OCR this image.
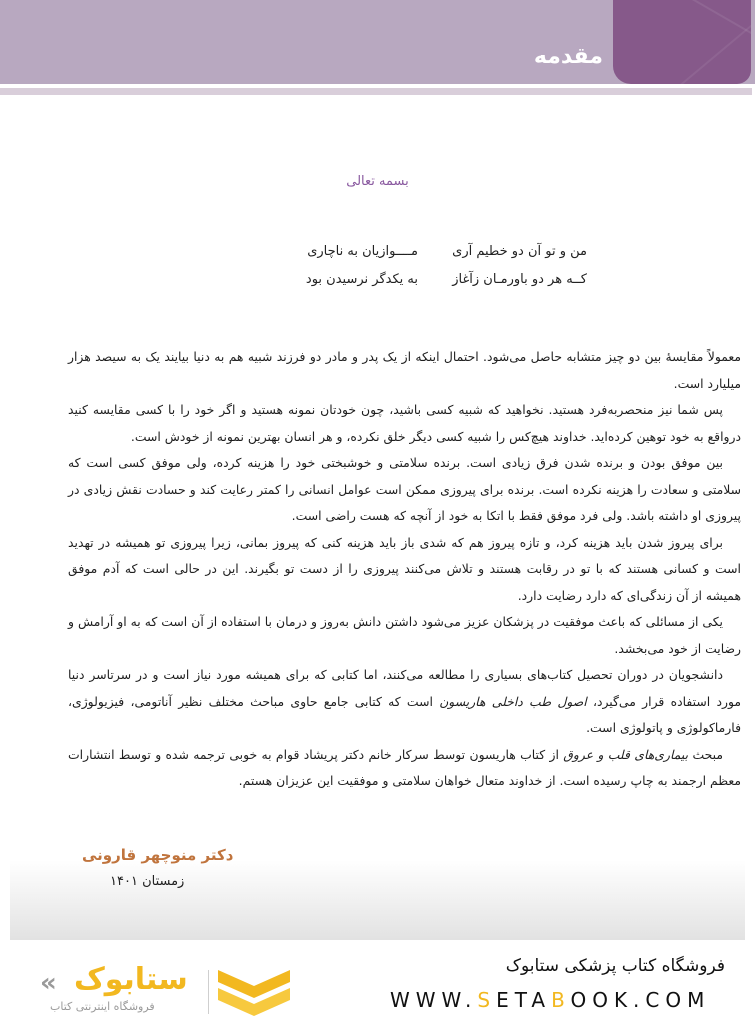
مقدمه
بسمه تعالی
من و تو آن دو خطیم آری
کــه هر دو باورمـان زآغاز
مــــوازیان به ناچاری
به یکدگر نرسیدن بود

معمولاً مقایسهٔ بین دو چیز متشابه حاصل می‌شود. احتمال اینکه از یک پدر و مادر دو فرزند شبیه هم به دنیا بیایند یک به سیصد هزار میلیارد است.

پس شما نیز منحصربه‌فرد هستید. نخواهید که شبیه کسی باشید، چون خودتان نمونه هستید و اگر خود را با کسی مقایسه کنید درواقع به خود توهین کرده‌اید. خداوند هیچ‌کس را شبیه کسی دیگر خلق نکرده، و هر انسان بهترین نمونه از خودش است.

بین موفق بودن و برنده شدن فرق زیادی است. برنده سلامتی و خوشبختی خود را هزینه کرده، ولی موفق کسی است که سلامتی و سعادت را هزینه نکرده است. برنده برای پیروزی ممکن است عوامل انسانی را کمتر رعایت کند و حسادت نقش زیادی در پیروزی او داشته باشد. ولی فرد موفق فقط با اتکا به خود از آنچه که هست راضی است.

برای پیروز شدن باید هزینه کرد، و تازه پیروز هم که شدی باز باید هزینه کنی که پیروز بمانی، زیرا پیروزی تو همیشه در تهدید است و کسانی هستند که با تو در رقابت هستند و تلاش می‌کنند پیروزی را از دست تو بگیرند. این در حالی است که آدم موفق همیشه از آن زندگی‌ای که دارد رضایت دارد.

یکی از مسائلی که باعث موفقیت در پزشکان عزیز می‌شود داشتن دانش به‌روز و درمان با استفاده از آن است که به او آرامش و رضایت از خود می‌بخشد.

دانشجویان در دوران تحصیل کتاب‌های بسیاری را مطالعه می‌کنند، اما کتابی که برای همیشه مورد نیاز است و در سرتاسر دنیا مورد استفاده قرار می‌گیرد، اصول طب داخلی هاریسون است که کتابی جامع حاوی مباحث مختلف نظیر آناتومی، فیزیولوژی، فارماکولوژی و پاتولوژی است.

مبحث بیماری‌های قلب و عروق از کتاب هاریسون توسط سرکار خانم دکتر پریشاد قوام به خوبی ترجمه شده و توسط انتشارات معظم ارجمند به چاپ رسیده است. از خداوند متعال خواهان سلامتی و موفقیت این عزیزان هستم.

دکتر منوچهر قارونی
زمستان ۱۴۰۱
« ستابوک
فروشگاه اینترنتی کتاب
فروشگاه کتاب پزشکی ستابوک
WWW.SETABOOK.COM
